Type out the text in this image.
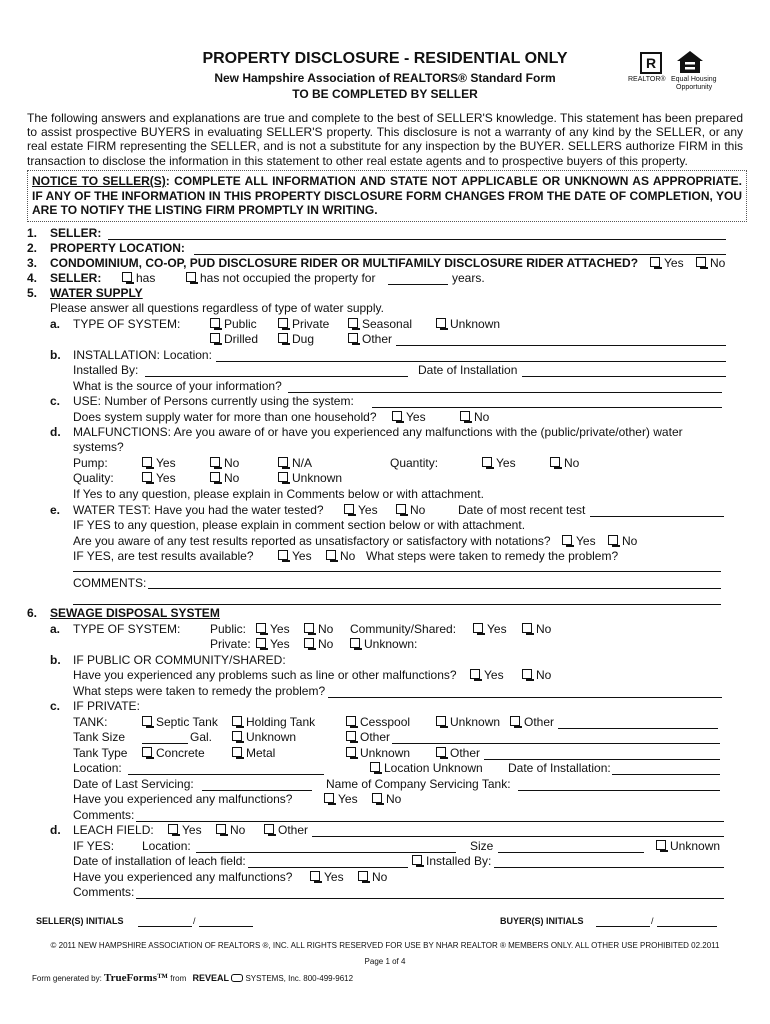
PROPERTY DISCLOSURE - RESIDENTIAL ONLY
New Hampshire Association of REALTORS® Standard Form
TO BE COMPLETED BY SELLER
R
REALTOR® Equal Housing
Opportunity
The following answers and explanations are true and complete to the best of SELLER'S knowledge. This statement has been prepared to assist prospective BUYERS in evaluating SELLER'S property. This disclosure is not a warranty of any kind by the SELLER, or any real estate FIRM representing the SELLER, and is not a substitute for any inspection by the BUYER. SELLERS authorize FIRM in this transaction to disclose the information in this statement to other real estate agents and to prospective buyers of this property.
NOTICE TO SELLER(S): COMPLETE ALL INFORMATION AND STATE NOT APPLICABLE OR UNKNOWN AS APPROPRIATE. IF ANY OF THE INFORMATION IN THIS PROPERTY DISCLOSURE FORM CHANGES FROM THE DATE OF COMPLETION, YOU ARE TO NOTIFY THE LISTING FIRM PROMPTLY IN WRITING.
1. SELLER:
2. PROPERTY LOCATION:
3. CONDOMINIUM, CO-OP, PUD DISCLOSURE RIDER OR MULTIFAMILY DISCLOSURE RIDER ATTACHED?	Yes	No
4. SELLER:	has	has not occupied the property for	years.
5. WATER SUPPLY
Please answer all questions regardless of type of water supply.
a. TYPE OF SYSTEM:	Public	Private	Seasonal	Unknown
Drilled	Dug	Other
b. INSTALLATION: Location:
Installed By:	Date of Installation
What is the source of your information?
c. USE: Number of Persons currently using the system:
Does system supply water for more than one household?	Yes	No
d. MALFUNCTIONS: Are you aware of or have you experienced any malfunctions with the (public/private/other) water
systems?
Pump:	Yes	No	N/A	Quantity:	Yes	No
Quality:	Yes	No	Unknown
If Yes to any question, please explain in Comments below or with attachment.
e. WATER TEST: Have you had the water tested?	Yes	No	Date of most recent test
IF YES to any question, please explain in comment section below or with attachment.
Are you aware of any test results reported as unsatisfactory or satisfactory with notations?	Yes	No
IF YES, are test results available?	Yes	No What steps were taken to remedy the problem?
COMMENTS:
6. SEWAGE DISPOSAL SYSTEM
a. TYPE OF SYSTEM: Public:	Yes	No Community/Shared:	Yes	No
Private:	Yes	No	Unknown:
b. IF PUBLIC OR COMMUNITY/SHARED:
Have you experienced any problems such as line or other malfunctions?	Yes	No
What steps were taken to remedy the problem?
c. IF PRIVATE:
TANK:	Septic Tank	Holding Tank	Cesspool	Unknown	Other
Tank Size	Gal.	Unknown	Other
Tank Type	Concrete	Metal	Unknown	Other
Location:	Location Unknown Date of Installation:
Date of Last Servicing:	Name of Company Servicing Tank:
Have you experienced any malfunctions?	Yes	No
Comments:
d. LEACH FIELD:	Yes	No	Other
IF YES: Location:	Size	Unknown
Date of installation of leach field:	Installed By:
Have you experienced any malfunctions?	Yes	No
Comments:
SELLER(S) INITIALS	/	BUYER(S) INITIALS	/
© 2011 NEW HAMPSHIRE ASSOCIATION OF REALTORS ®, INC. ALL RIGHTS RESERVED FOR USE BY NHAR REALTOR ® MEMBERS ONLY. ALL OTHER USE PROHIBITED 02.2011
Page 1 of 4
Form generated by: TrueForms™ from REVEAL SYSTEMS, Inc. 800-499-9612
